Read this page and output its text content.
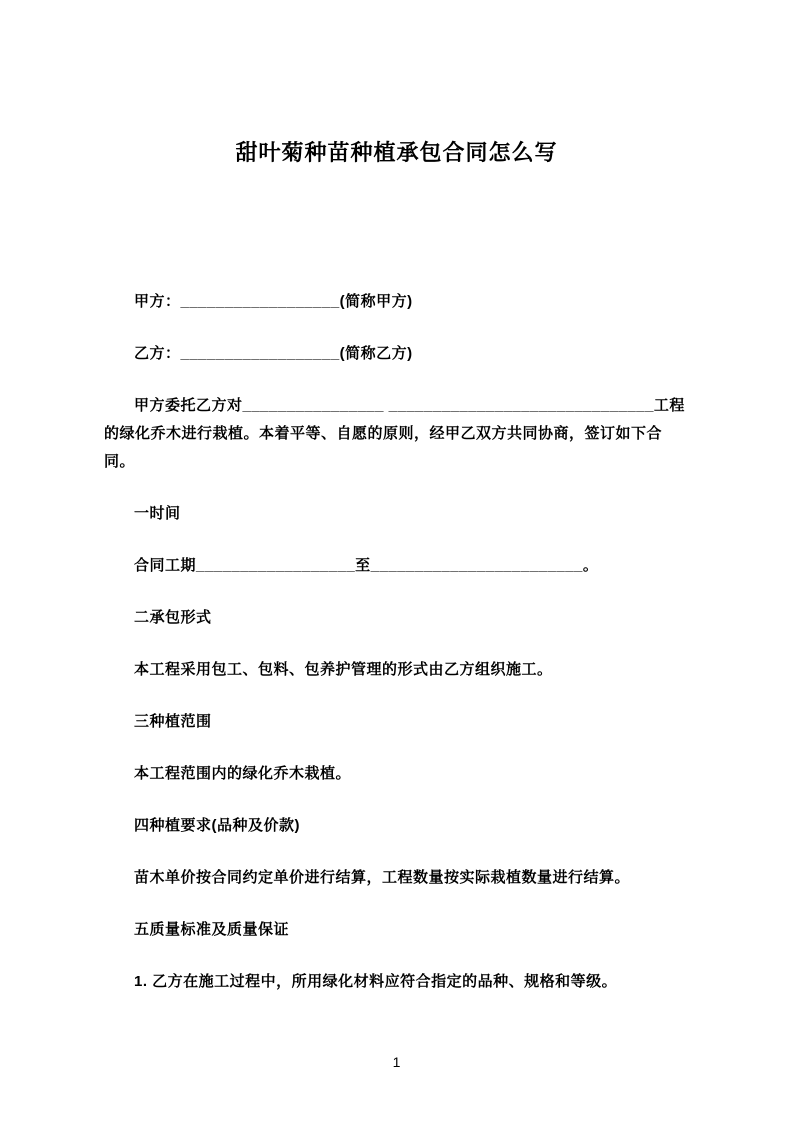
甜叶菊种苗种植承包合同怎么写

甲方：__________________(简称甲方)

乙方：__________________(简称乙方)

甲方委托乙方对________________ ______________________________工程的绿化乔木进行栽植。本着平等、自愿的原则，经甲乙双方共同协商，签订如下合同。

一时间

合同工期__________________至________________________。

二承包形式

本工程采用包工、包料、包养护管理的形式由乙方组织施工。

三种植范围

本工程范围内的绿化乔木栽植。

四种植要求(品种及价款)

苗木单价按合同约定单价进行结算，工程数量按实际栽植数量进行结算。

五质量标准及质量保证

1. 乙方在施工过程中，所用绿化材料应符合指定的品种、规格和等级。

1
